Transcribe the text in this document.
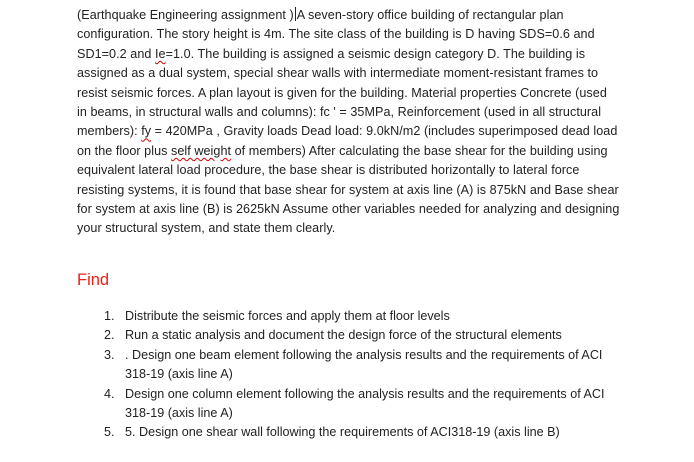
(Earthquake Engineering assignment ) A seven-story office building of rectangular plan
configuration. The story height is 4m. The site class of the building is D having SDS=0.6 and
SD1=0.2 and Ie=1.0. The building is assigned a seismic design category D. The building is
assigned as a dual system, special shear walls with intermediate moment-resistant frames to
resist seismic forces. A plan layout is given for the building. Material properties Concrete (used
in beams, in structural walls and columns): fc ' = 35MPa, Reinforcement (used in all structural
members): fy = 420MPa , Gravity loads Dead load: 9.0kN/m2 (includes superimposed dead load
on the floor plus self weight of members) After calculating the base shear for the building using
equivalent lateral load procedure, the base shear is distributed horizontally to lateral force
resisting systems, it is found that base shear for system at axis line (A) is 875kN and Base shear
for system at axis line (B) is 2625kN Assume other variables needed for analyzing and designing
your structural system, and state them clearly.

Find
1. Distribute the seismic forces and apply them at floor levels
2. Run a static analysis and document the design force of the structural elements
3. . Design one beam element following the analysis results and the requirements of ACI
318-19 (axis line A)
4. Design one column element following the analysis results and the requirements of ACI
318-19 (axis line A)
5. 5. Design one shear wall following the requirements of ACI318-19 (axis line B)
